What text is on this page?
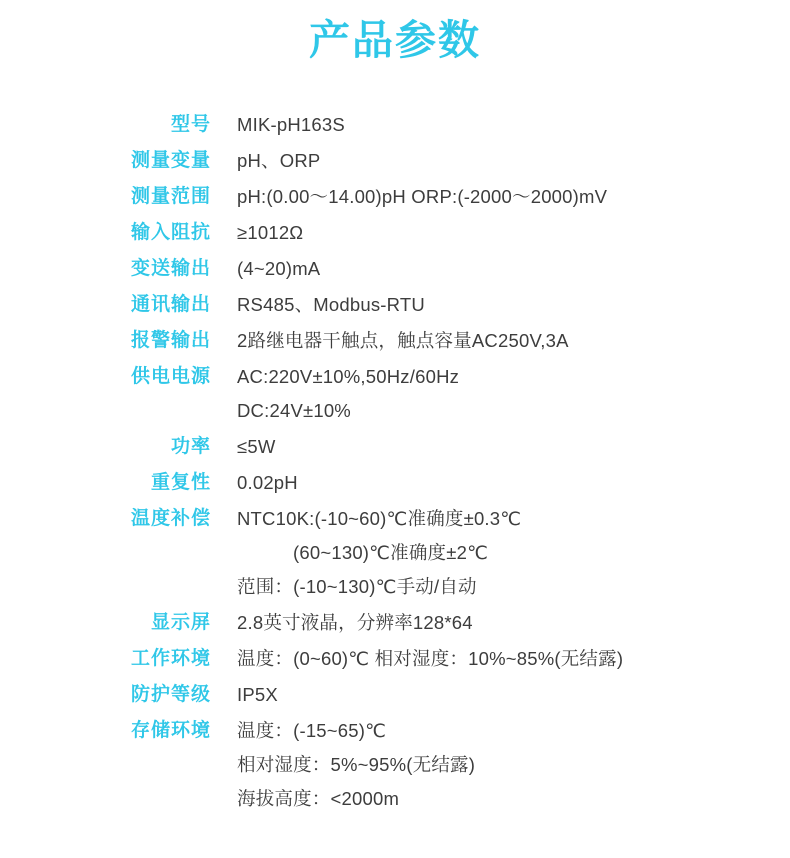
产品参数
型号	MIK-pH163S

测量变量	pH、ORP

测量范围	pH:(0.00～14.00)pH ORP:(-2000～2000)mV

输入阻抗	≥1012Ω

变送输出	(4~20)mA

通讯输出	RS485、Modbus-RTU

报警输出	2路继电器干触点，触点容量AC250V,3A

供电电源	AC:220V±10%,50Hz/60Hz
DC:24V±10%

功率	≤5W

重复性	0.02pH

温度补偿	NTC10K:(-10~60)℃准确度±0.3℃
(60~130)℃准确度±2℃
范围：(-10~130)℃手动/自动

显示屏	2.8英寸液晶，分辨率128*64

工作环境	温度：(0~60)℃ 相对湿度：10%~85%(无结露)

防护等级	IP5X

存储环境	温度：(-15~65)℃
相对湿度：5%~95%(无结露)
海拔高度：<2000m
